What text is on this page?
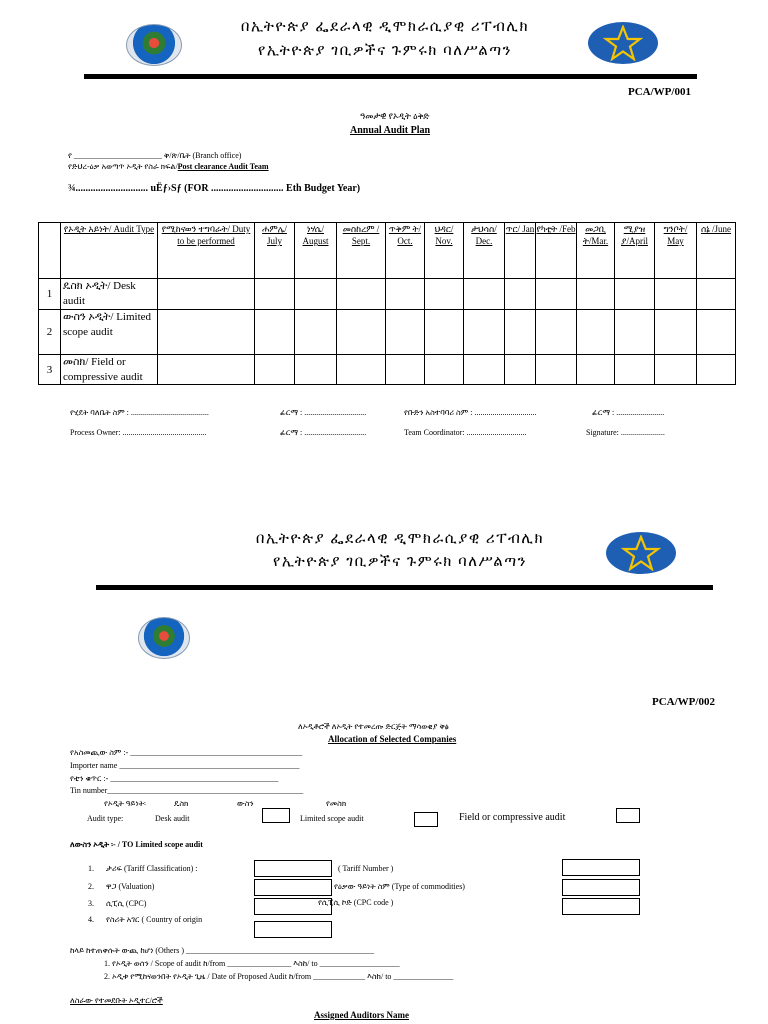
በኢትዮጵያ ፌደራላዊ ዲሞክራሲያዊ ሪፐብሊክ
የኢትዮጵያ ገቢዎችና ጉምሩክ ባለሥልጣን
PCA/WP/001
ዓመታዊ የኦዲት ዕቅድ
Annual Audit Plan
የ ______________________ ቅ/ጽ/ቤት (Branch office)
የድህረ-ዕቃ አወጣጥ ኦዲት የስራ ክፍል/Post clearance Audit Team
¾............................. uËƒ›Sƒ (FOR ............................. Eth Budget Year)
	የኦዲት አይነት/ Audit Type	የሚከናወን ተግባራት/ Duty to be performed	ሐምሌ/ July	ነሃሴ/ August	መስከረም / Sept.	ጥቅም ት/ Oct.	ህዳር/ Nov.	ታህሳስ/ Dec.	ጥር/ Jan	የካቲት /Feb	መጋቢ ት/Mar.	ሚያዝ ያ/April	ግንቦት/ May	ሰኔ /June
1	ዴስክ ኦዲት/ Desk audit													
2	ውስን ኦዲት/ Limited scope audit													
3	መስክ/ Field or compressive audit													
የሂደት ባለቤት ስም : .......................................	ፊርማ : ...............................	የቡድን አስተባባሪ ስም : ...............................	ፊርማ : ........................
Process Owner: ..........................................	ፊርማ : ...............................	Team Coordinator: ..............................	Signature: ......................
በኢትዮጵያ ፌደራላዊ ዲሞክራሲያዊ ሪፐብሊክ
የኢትዮጵያ ገቢዎችና ጉምሩክ ባለሥልጣን
PCA/WP/002
ለኦዲቶሮች ለኦዲት የተመረጡ ድርጅት ማሳወቂያ ቅፅ
Allocation of Selected Companies
የአስመጪው ስም :- ___________________________________________
Importer name _____________________________________________
የቲን ቁጥር :- __________________________________________
Tin number_________________________________________________
የኦዲት ዓይነት፡	ዴስክ	ውስን	የመስክ
Audit type:	Desk audit	Limited scope audit	Field or compressive audit
ለውስን ኦዲት ፡- / TO Limited scope audit
1. ታሪፍ (Tariff Classification) :	( Tariff Number )
2. ዋጋ (Valuation)	የዕቃው ዓይነት ስም (Type of commodities)
3. ሲፒሲ (CPC)	የሲፒሲ ኮድ (CPC code )
4. የስሪት አገር ( Country of origin
ከላይ ከተጠቀሱት ውጪ ከሆነ (Others ) _______________________________________________
1. የኦዲት ወሰን / Scope of audit ከ/from ________________ እስከ/ to ____________________
2. ኦዲቱ የሚከናወንበት የኦዲት ጊዜ / Date of Proposed Audit ከ/from _____________ እስከ/ to _______________
ለስራው የተመደቡት ኦዲተር/ሮች
Assigned Auditors Name
